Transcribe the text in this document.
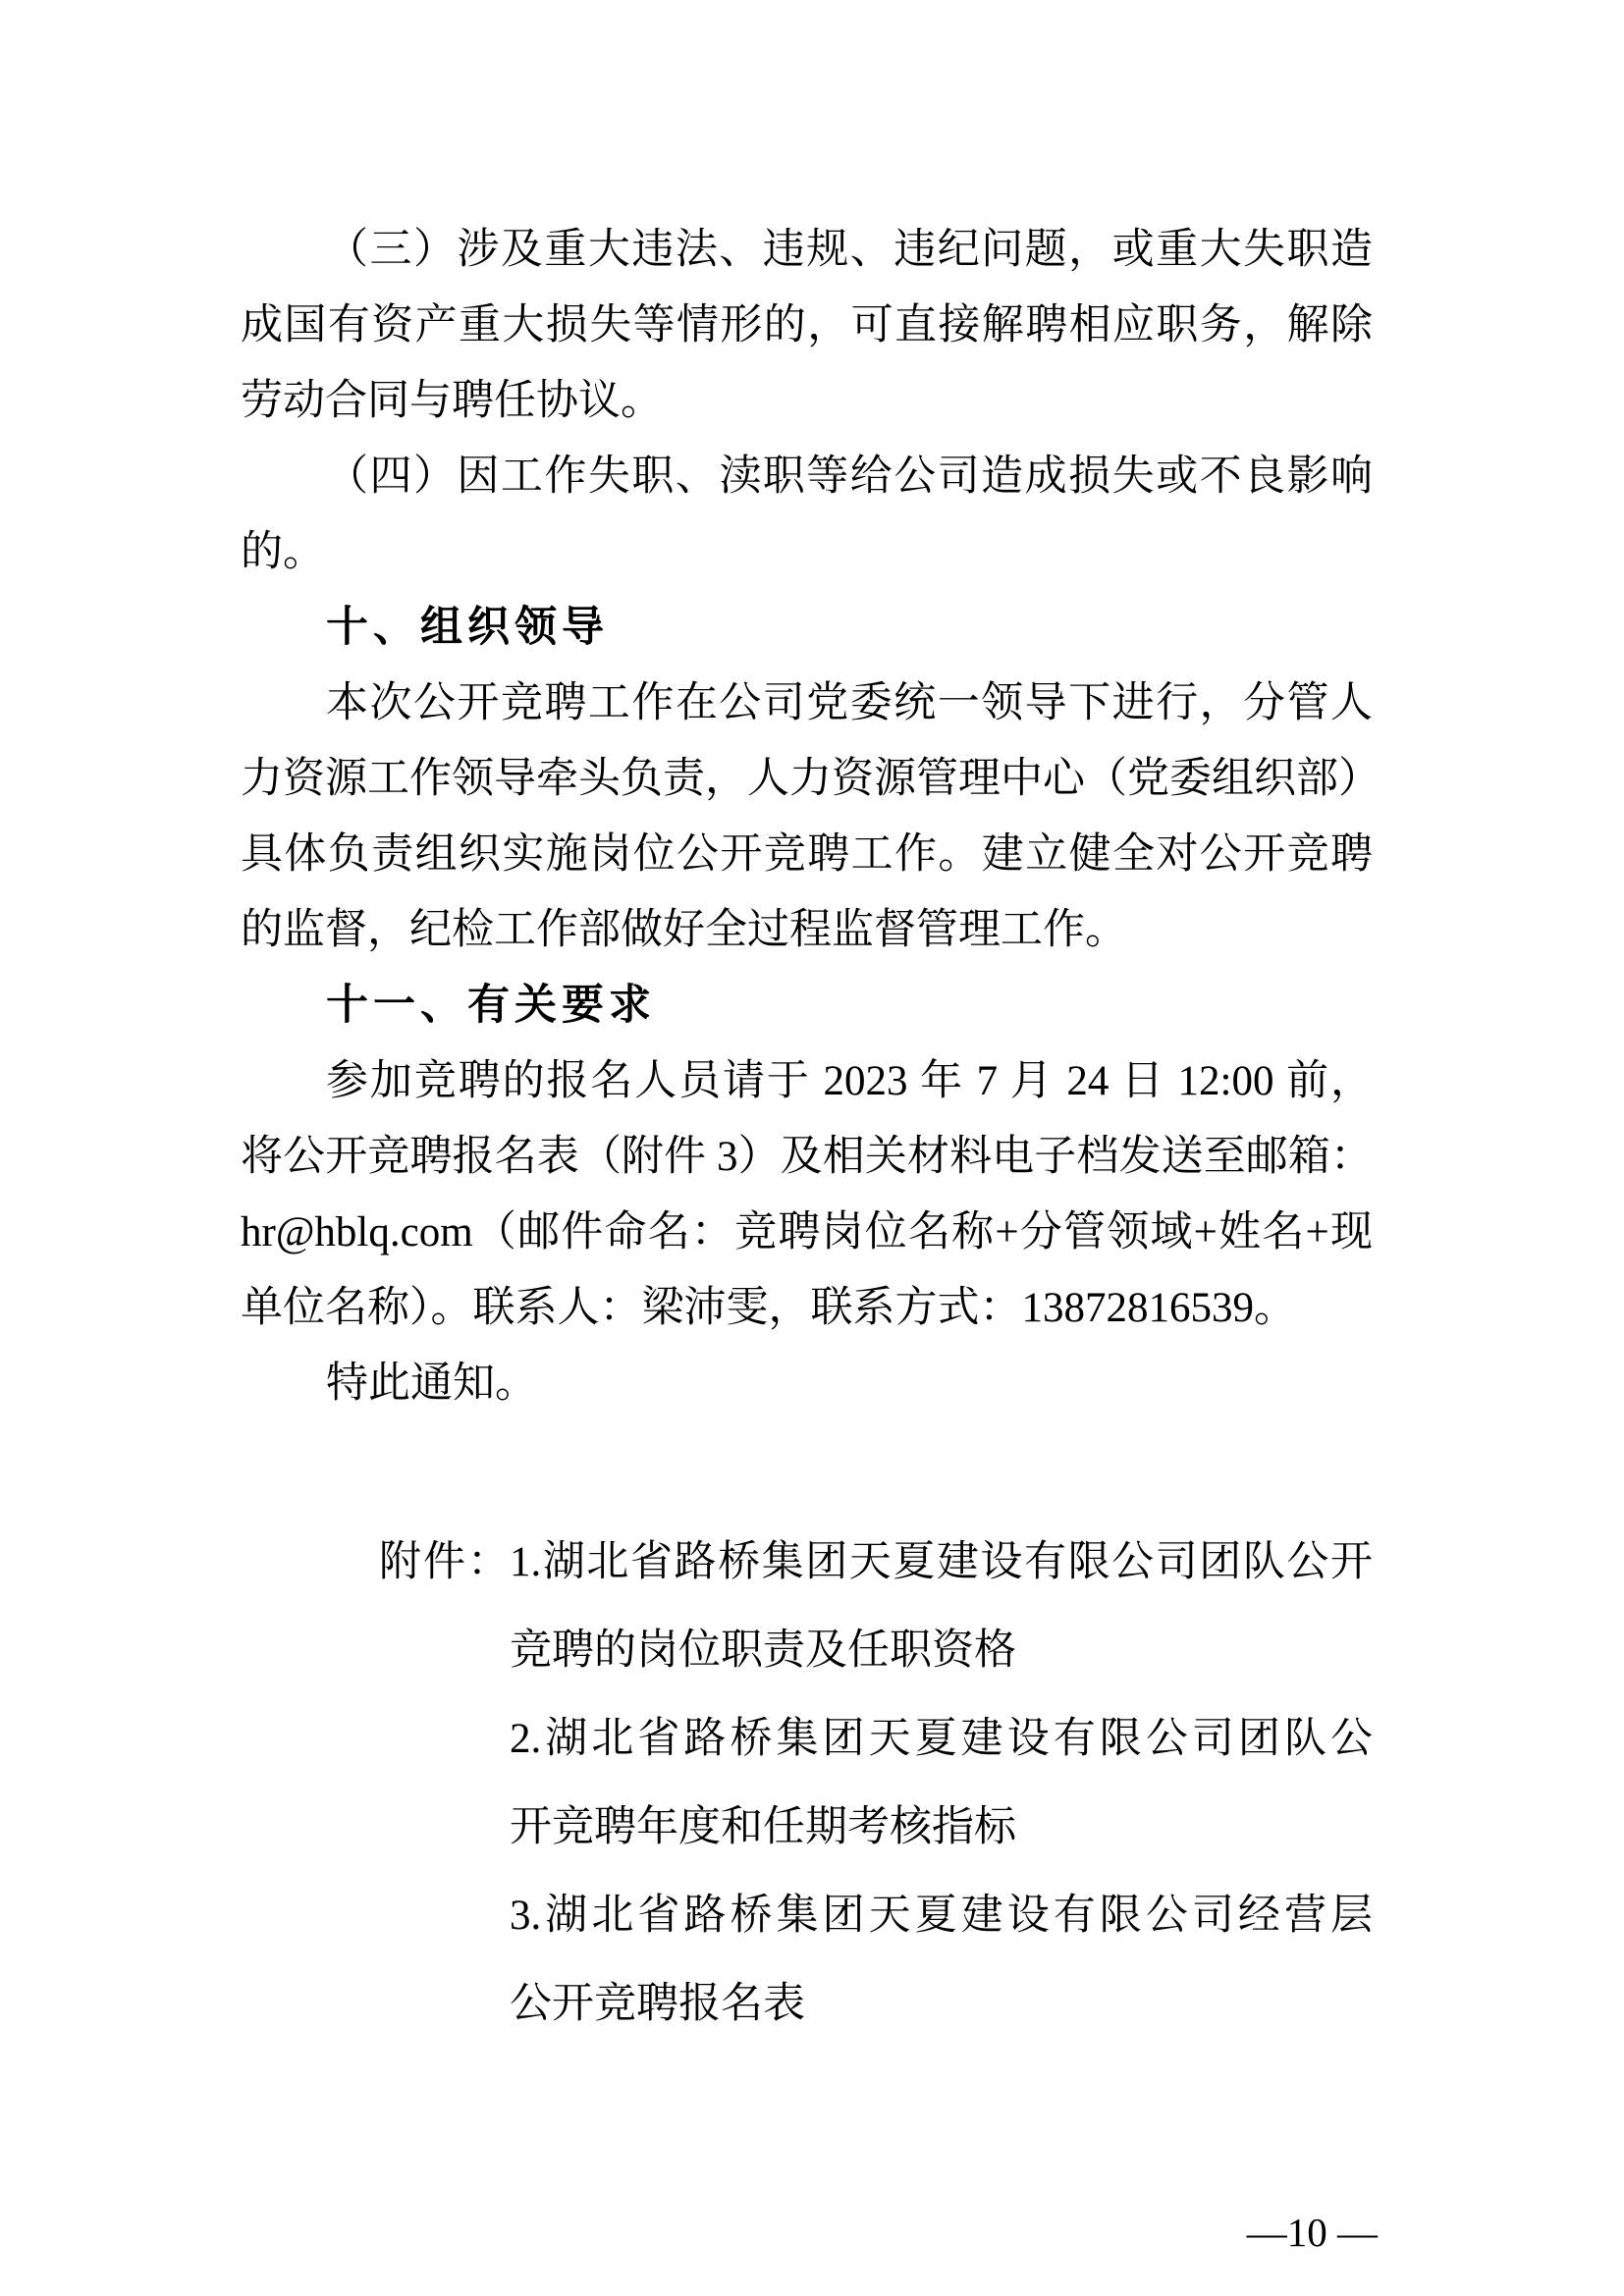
（三）涉及重大违法、违规、违纪问题，或重大失职造
成国有资产重大损失等情形的，可直接解聘相应职务，解除
劳动合同与聘任协议。
（四）因工作失职、渎职等给公司造成损失或不良影响
的。
十、组织领导
本次公开竞聘工作在公司党委统一领导下进行，分管人
力资源工作领导牵头负责，人力资源管理中心（党委组织部）
具体负责组织实施岗位公开竞聘工作。建立健全对公开竞聘
的监督，纪检工作部做好全过程监督管理工作。
十一、有关要求
参加竞聘的报名人员请于 2023 年 7 月 24 日 12:00 前，
将公开竞聘报名表（附件 3）及相关材料电子档发送至邮箱：
hr@hblq.com（邮件命名：竞聘岗位名称+分管领域+姓名+现
单位名称）。联系人：梁沛雯，联系方式：13872816539。
特此通知。
附件：
1.湖北省路桥集团天夏建设有限公司团队公开
竞聘的岗位职责及任职资格
2.湖北省路桥集团天夏建设有限公司团队公
开竞聘年度和任期考核指标
3.湖北省路桥集团天夏建设有限公司经营层
公开竞聘报名表

—10 —
